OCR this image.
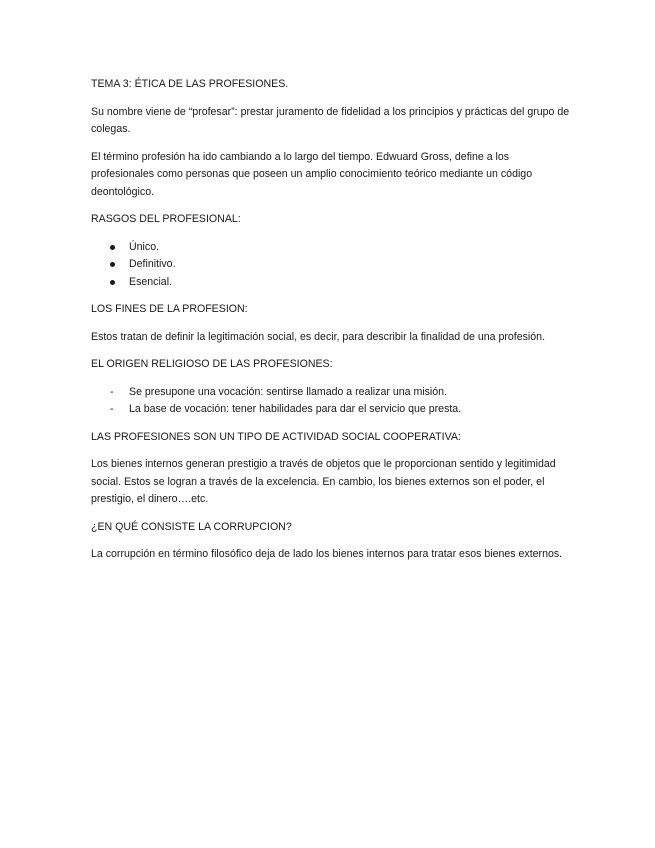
TEMA 3: ÉTICA DE LAS PROFESIONES.

Su nombre viene de “profesar”: prestar juramento de fidelidad a los principios y prácticas del grupo de colegas.

El término profesión ha ido cambiando a lo largo del tiempo. Edwuard Gross, define a los profesionales como personas que poseen un amplio conocimiento teórico mediante un código deontológico.

RASGOS DEL PROFESIONAL:

Único.
Definitivo.
Esencial.

LOS FINES DE LA PROFESION:

Estos tratan de definir la legitimación social, es decir, para describir la finalidad de una profesión.

EL ORIGEN RELIGIOSO DE LAS PROFESIONES:

- Se presupone una vocación: sentirse llamado a realizar una misión.
- La base de vocación: tener habilidades para dar el servicio que presta.

LAS PROFESIONES SON UN TIPO DE ACTIVIDAD SOCIAL COOPERATIVA:

Los bienes internos generan prestigio a través de objetos que le proporcionan sentido y legitimidad social. Estos se logran a través de la excelencia. En cambio, los bienes externos son el poder, el prestigio, el dinero….etc.

¿EN QUÉ CONSISTE LA CORRUPCION?

La corrupción en término filosófico deja de lado los bienes internos para tratar esos bienes externos.
